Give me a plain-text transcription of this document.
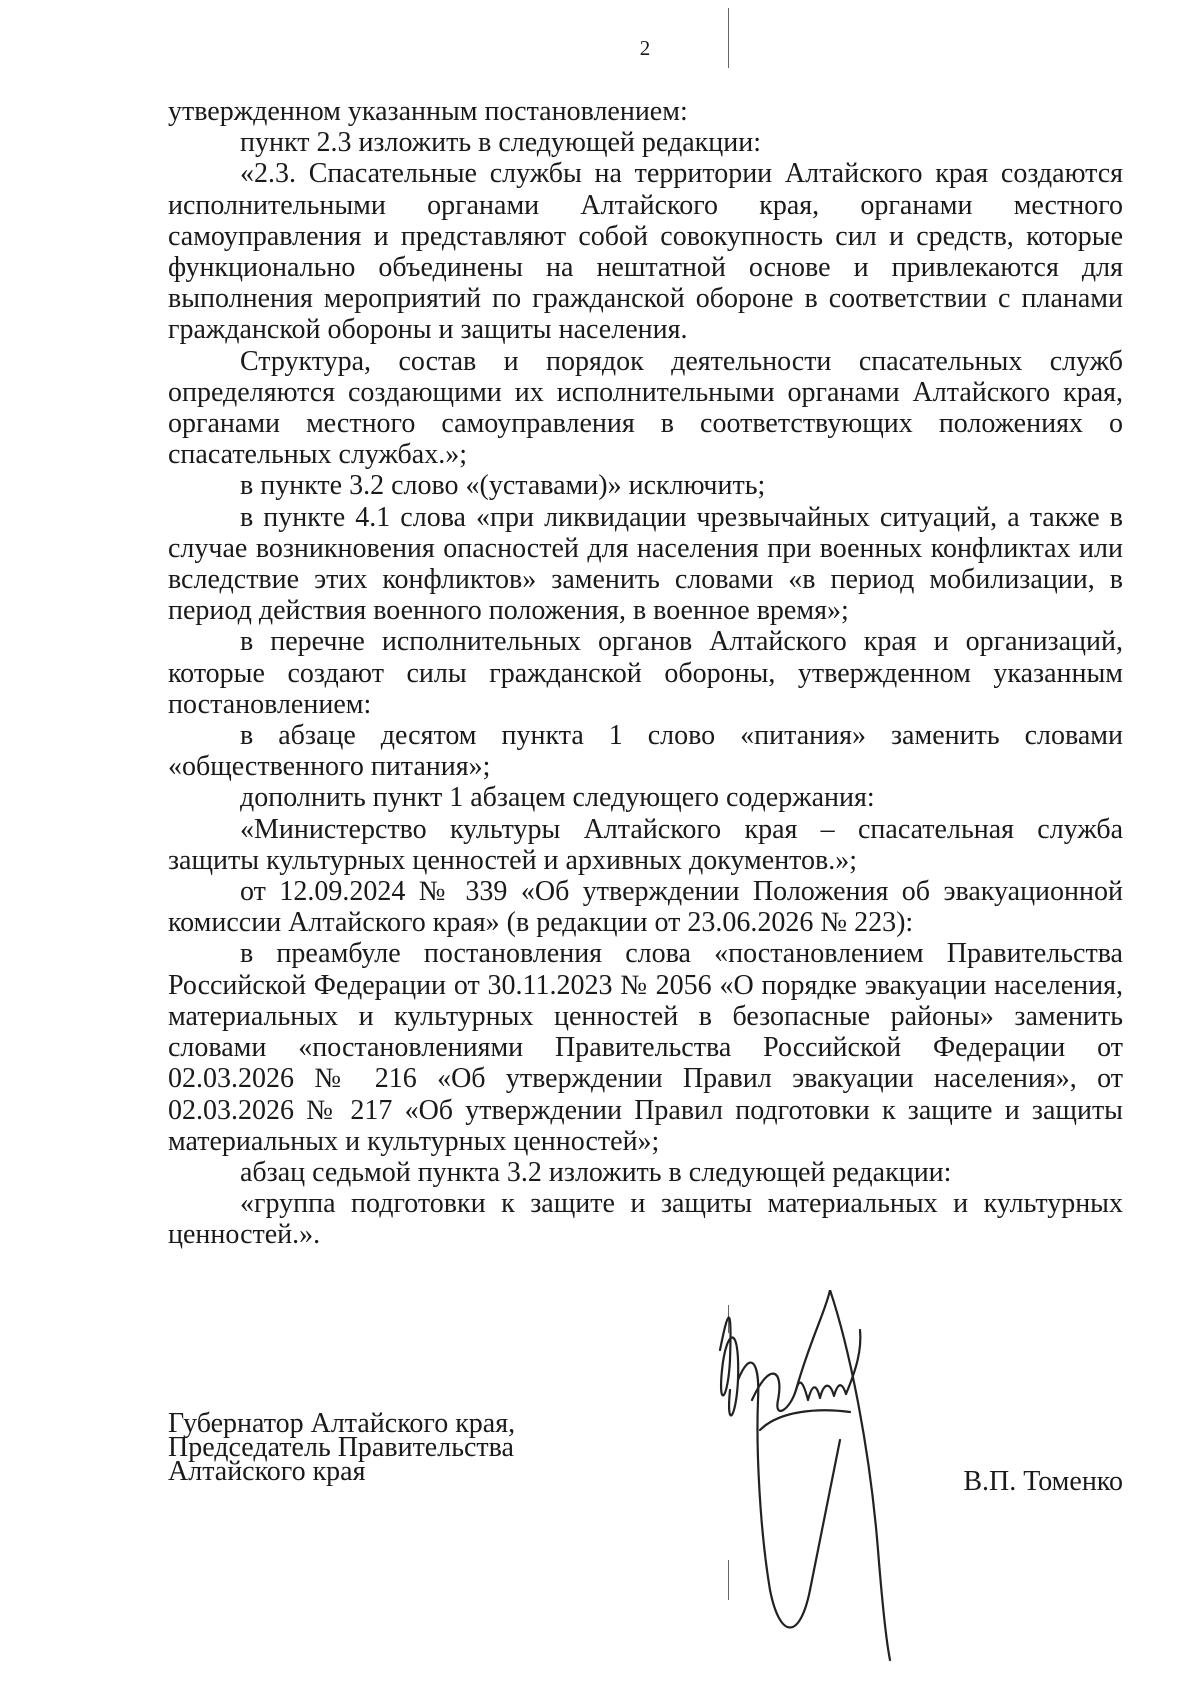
2

утвержденном указанным постановлением:

пункт 2.3 изложить в следующей редакции:

«2.3. Спасательные службы на территории Алтайского края создаются исполнительными органами Алтайского края, органами местного самоуправления и представляют собой совокупность сил и средств, которые функционально объединены на нештатной основе и привлекаются для выполнения мероприятий по гражданской обороне в соответствии с планами гражданской обороны и защиты населения.

Структура, состав и порядок деятельности спасательных служб определяются создающими их исполнительными органами Алтайского края, органами местного самоуправления в соответствующих положениях о спасательных службах.»;

в пункте 3.2 слово «(уставами)» исключить;

в пункте 4.1 слова «при ликвидации чрезвычайных ситуаций, а также в случае возникновения опасностей для населения при военных конфликтах или вследствие этих конфликтов» заменить словами «в период мобилизации, в период действия военного положения, в военное время»;

в перечне исполнительных органов Алтайского края и организаций, которые создают силы гражданской обороны, утвержденном указанным постановлением:

в абзаце десятом пункта 1 слово «питания» заменить словами «общественного питания»;

дополнить пункт 1 абзацем следующего содержания:

«Министерство культуры Алтайского края – спасательная служба защиты культурных ценностей и архивных документов.»;

от 12.09.2024 № 339 «Об утверждении Положения об эвакуационной комиссии Алтайского края» (в редакции от 23.06.2026 № 223):

в преамбуле постановления слова «постановлением Правительства Российской Федерации от 30.11.2023 № 2056 «О порядке эвакуации населения, материальных и культурных ценностей в безопасные районы» заменить словами «постановлениями Правительства Российской Федерации от 02.03.2026 № 216 «Об утверждении Правил эвакуации населения», от 02.03.2026 № 217 «Об утверждении Правил подготовки к защите и защиты материальных и культурных ценностей»;

абзац седьмой пункта 3.2 изложить в следующей редакции:

«группа подготовки к защите и защиты материальных и культурных ценностей.».

Губернатор Алтайского края,
Председатель Правительства
Алтайского края	В.П. Томенко
